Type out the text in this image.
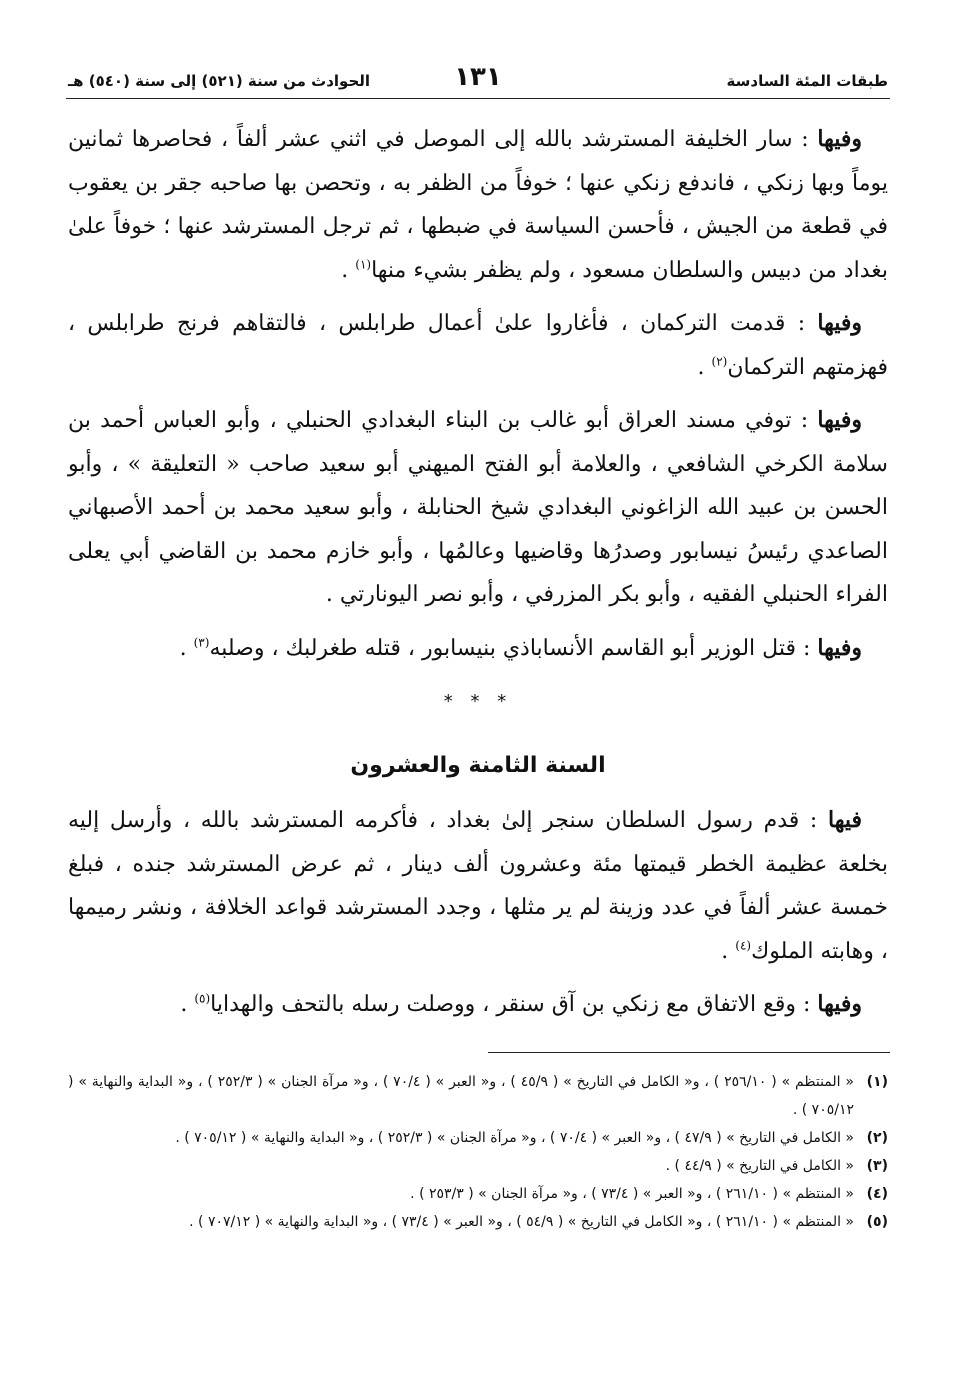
طبقات المئة السادسة
١٣١
الحوادث من سنة (٥٢١) إلى سنة (٥٤٠) هـ

وفيها : سار الخليفة المسترشد بالله إلى الموصل في اثني عشر ألفاً ، فحاصرها ثمانين يوماً وبها زنكي ، فاندفع زنكي عنها ؛ خوفاً من الظفر به ، وتحصن بها صاحبه جقر بن يعقوب في قطعة من الجيش ، فأحسن السياسة في ضبطها ، ثم ترجل المسترشد عنها ؛ خوفاً علىٰ بغداد من دبيس والسلطان مسعود ، ولم يظفر بشيء منها$^{(١)}$ .

وفيها : قدمت التركمان ، فأغاروا علىٰ أعمال طرابلس ، فالتقاهم فرنج طرابلس ، فهزمتهم التركمان$^{(٢)}$ .

وفيها : توفي مسند العراق أبو غالب بن البناء البغدادي الحنبلي ، وأبو العباس أحمد بن سلامة الكرخي الشافعي ، والعلامة أبو الفتح الميهني أبو سعيد صاحب « التعليقة » ، وأبو الحسن بن عبيد الله الزاغوني البغدادي شيخ الحنابلة ، وأبو سعيد محمد بن أحمد الأصبهاني الصاعدي رئيسُ نيسابور وصدرُها وقاضيها وعالمُها ، وأبو خازم محمد بن القاضي أبي يعلى الفراء الحنبلي الفقيه ، وأبو بكر المزرفي ، وأبو نصر اليونارتي .

وفيها : قتل الوزير أبو القاسم الأنساباذي بنيسابور ، قتله طغرلبك ، وصلبه$^{(٣)}$ .

* * *
السنة الثامنة والعشرون

فيها : قدم رسول السلطان سنجر إلىٰ بغداد ، فأكرمه المسترشد بالله ، وأرسل إليه بخلعة عظيمة الخطر قيمتها مئة وعشرون ألف دينار ، ثم عرض المسترشد جنده ، فبلغ خمسة عشر ألفاً في عدد وزينة لم ير مثلها ، وجدد المسترشد قواعد الخلافة ، ونشر رميمها ، وهابته الملوك$^{(٤)}$ .

وفيها : وقع الاتفاق مع زنكي بن آق سنقر ، ووصلت رسله بالتحف والهدايا$^{(٥)}$ .

(١)
« المنتظم » ( ٢٥٦/١٠ ) ، و« الكامل في التاريخ » ( ٤٥/٩ ) ، و« العبر » ( ٧٠/٤ ) ، و« مرآة الجنان » ( ٢٥٢/٣ ) ، و« البداية والنهاية » ( ٧٠٥/١٢ ) .
(٢)
« الكامل في التاريخ » ( ٤٧/٩ ) ، و« العبر » ( ٧٠/٤ ) ، و« مرآة الجنان » ( ٢٥٢/٣ ) ، و« البداية والنهاية » ( ٧٠٥/١٢ ) .
(٣)
« الكامل في التاريخ » ( ٤٤/٩ ) .
(٤)
« المنتظم » ( ٢٦١/١٠ ) ، و« العبر » ( ٧٣/٤ ) ، و« مرآة الجنان » ( ٢٥٣/٣ ) .
(٥)
« المنتظم » ( ٢٦١/١٠ ) ، و« الكامل في التاريخ » ( ٥٤/٩ ) ، و« العبر » ( ٧٣/٤ ) ، و« البداية والنهاية » ( ٧٠٧/١٢ ) .
